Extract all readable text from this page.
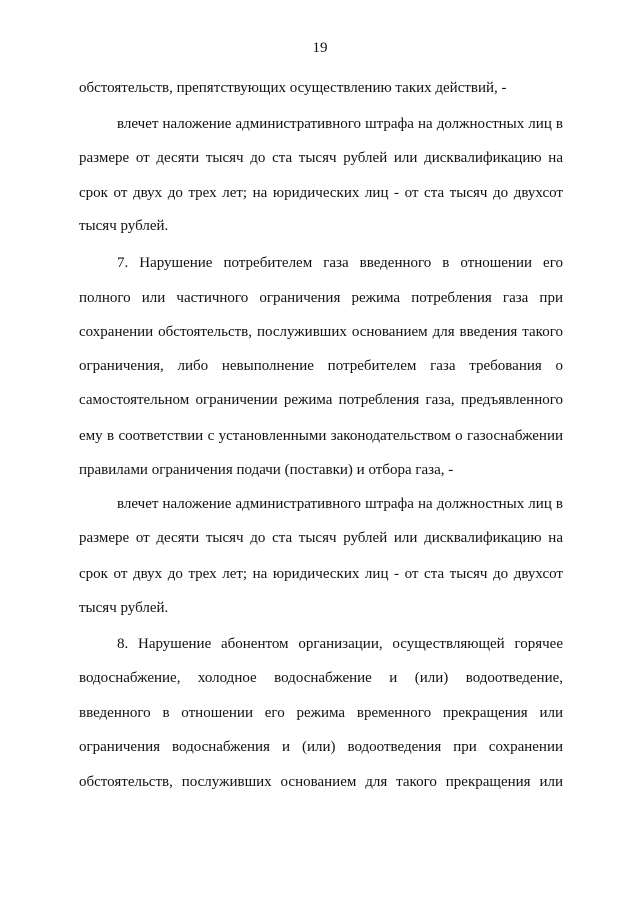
19
обстоятельств, препятствующих осуществлению таких действий, -
влечет наложение административного штрафа на должностных лиц в
размере от десяти тысяч до ста тысяч рублей или дисквалификацию на
срок от двух до трех лет; на юридических лиц - от ста тысяч до двухсот
тысяч рублей.
7. Нарушение потребителем газа введенного в отношении его
полного или частичного ограничения режима потребления газа при
сохранении обстоятельств, послуживших основанием для введения такого
ограничения, либо невыполнение потребителем газа требования о
самостоятельном ограничении режима потребления газа, предъявленного
ему в соответствии с установленными законодательством о газоснабжении
правилами ограничения подачи (поставки) и отбора газа, -
влечет наложение административного штрафа на должностных лиц в
размере от десяти тысяч до ста тысяч рублей или дисквалификацию на
срок от двух до трех лет; на юридических лиц - от ста тысяч до двухсот
тысяч рублей.
8. Нарушение абонентом организации, осуществляющей горячее
водоснабжение, холодное водоснабжение и (или) водоотведение,
введенного в отношении его режима временного прекращения или
ограничения водоснабжения и (или) водоотведения при сохранении
обстоятельств, послуживших основанием для такого прекращения или
